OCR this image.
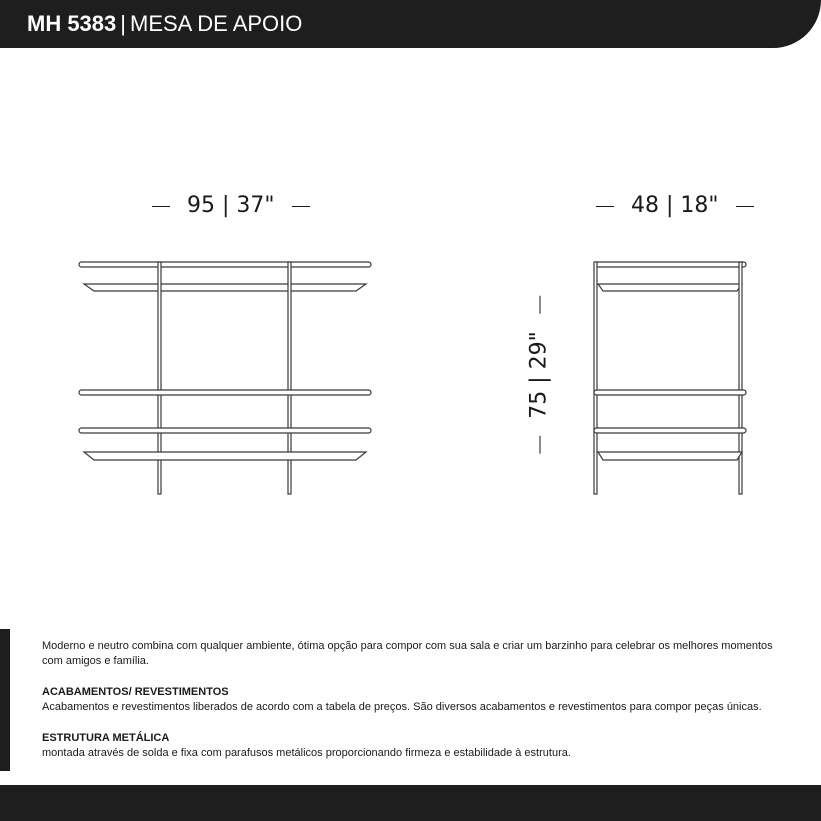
MH 5383 | MESA DE APOIO
95 | 37"	48 | 18"
75 | 29"

Moderno e neutro combina com qualquer ambiente, ótima opção para compor com sua sala e criar um barzinho para celebrar os melhores momentos com amigos e família.

ACABAMENTOS/ REVESTIMENTOS

Acabamentos e revestimentos liberados de acordo com a tabela de preços. São diversos acabamentos e revestimentos para compor peças únicas.

ESTRUTURA METÁLICA

montada através de solda e fixa com parafusos metálicos proporcionando firmeza e estabilidade à estrutura.
